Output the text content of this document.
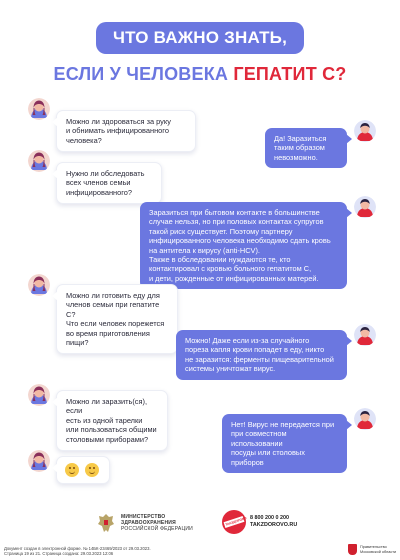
ЧТО ВАЖНО ЗНАТЬ,
ЕСЛИ У ЧЕЛОВЕКА ГЕПАТИТ С?

Можно ли здороваться за руку

и обнимать инфицированного

человека?	Да! Заразиться

таким образом

невозможно.

Нужно ли обследовать

всех членов семьи

инфицированного?

Заразиться при бытовом контакте в большинстве

случае нельзя, но при половых контактах супругов

такой риск существует. Поэтому партнеру

инфицированного человека необходимо сдать кровь

на антитела к вирусу (anti-HCV).

Также в обследовании нуждаются те, кто

контактировал с кровью больного гепатитом С,

и дети, рожденные от инфицированных матерей.

Можно ли готовить еду для

членов семьи при гепатите С?

Что если человек порежется

во время приготовления пищи?	Можно! Даже если из-за случайного

пореза капля крови попадет в еду, никто

не заразится: ферменты пищеварительной

системы уничтожат вирус.

Можно ли заразить(ся), если

есть из одной тарелки

или пользоваться общими

столовыми приборами?

Нет! Вирус не передается при

при совместном использовании

посуды или столовых приборов

МИНИСТЕРСТВО
ЗДРАВООХРАНЕНИЯ
РОССИЙСКОЙ ФЕДЕРАЦИИ
ТАКЗДОРОВО 8 800 200 0 200
TAKZDOROVO.RU
Документ создан в электронной форме. № 14БК-23469/2023 от 29.03.2023.
Страница 19 из 21. Страница создана: 29.03.2023 12:06
Правительство
Московской области
